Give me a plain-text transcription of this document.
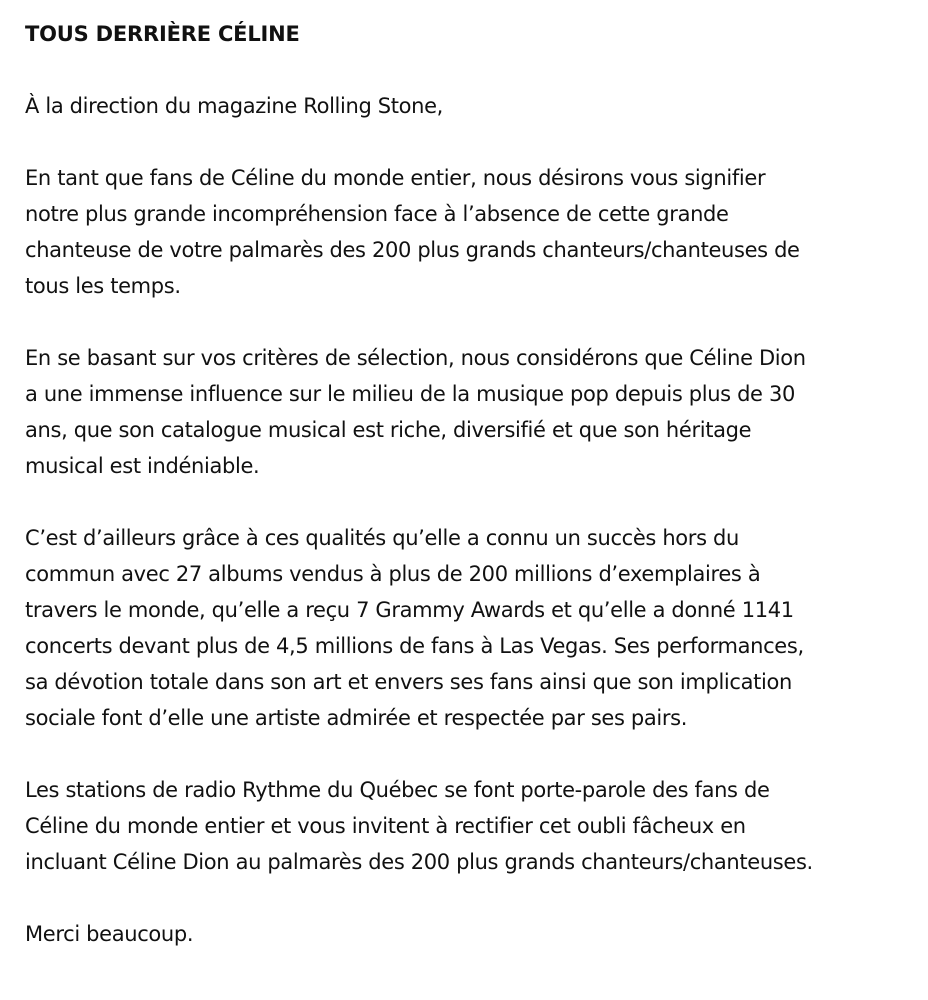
TOUS DERRIÈRE CÉLINE

À la direction du magazine Rolling Stone,

En tant que fans de Céline du monde entier, nous désirons vous signifier
notre plus grande incompréhension face à l’absence de cette grande
chanteuse de votre palmarès des 200 plus grands chanteurs/chanteuses de
tous les temps.

En se basant sur vos critères de sélection, nous considérons que Céline Dion
a une immense influence sur le milieu de la musique pop depuis plus de 30
ans, que son catalogue musical est riche, diversifié et que son héritage
musical est indéniable.

C’est d’ailleurs grâce à ces qualités qu’elle a connu un succès hors du
commun avec 27 albums vendus à plus de 200 millions d’exemplaires à
travers le monde, qu’elle a reçu 7 Grammy Awards et qu’elle a donné 1141
concerts devant plus de 4,5 millions de fans à Las Vegas. Ses performances,
sa dévotion totale dans son art et envers ses fans ainsi que son implication
sociale font d’elle une artiste admirée et respectée par ses pairs.

Les stations de radio Rythme du Québec se font porte-parole des fans de
Céline du monde entier et vous invitent à rectifier cet oubli fâcheux en
incluant Céline Dion au palmarès des 200 plus grands chanteurs/chanteuses.

Merci beaucoup.
